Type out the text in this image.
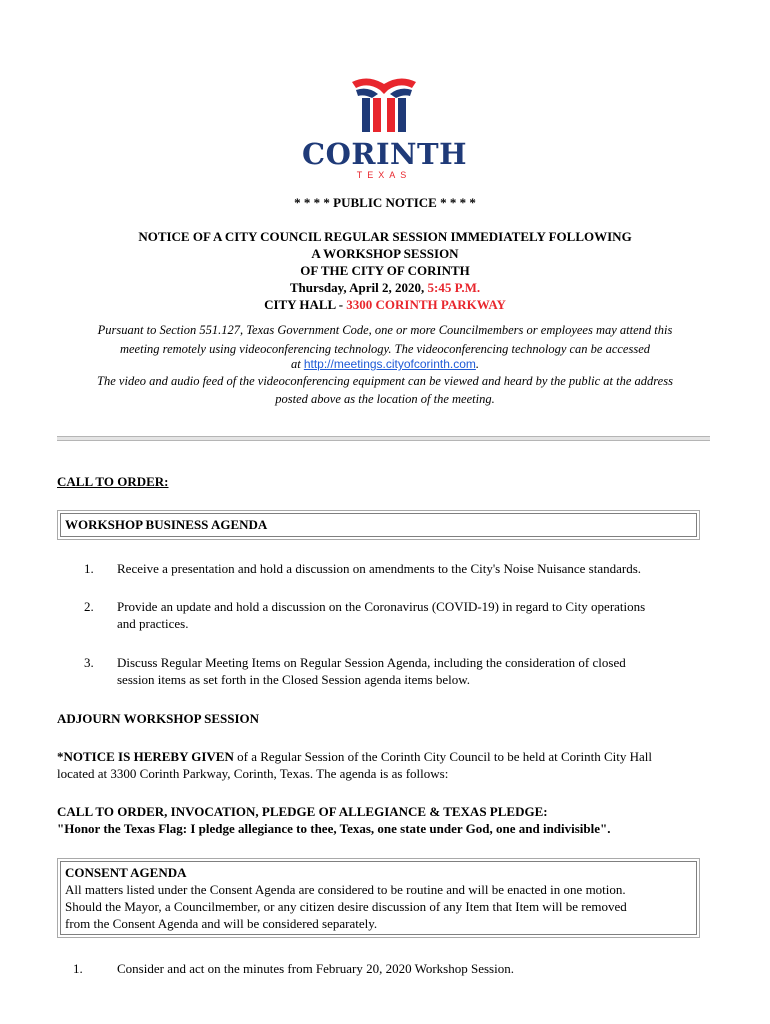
CORINTH
TEXAS
* * * * PUBLIC NOTICE * * * *
NOTICE OF A CITY COUNCIL REGULAR SESSION IMMEDIATELY FOLLOWING
A WORKSHOP SESSION
OF THE CITY OF CORINTH
Thursday, April 2, 2020, 5:45 P.M.
CITY HALL - 3300 CORINTH PARKWAY
Pursuant to Section 551.127, Texas Government Code, one or more Councilmembers or employees may attend this
meeting remotely using videoconferencing technology. The videoconferencing technology can be accessed
at http://meetings.cityofcorinth.com.
The video and audio feed of the videoconferencing equipment can be viewed and heard by the public at the address
posted above as the location of the meeting.
CALL TO ORDER:
WORKSHOP BUSINESS AGENDA
1. Receive a presentation and hold a discussion on amendments to the City's Noise Nuisance standards.
2. Provide an update and hold a discussion on the Coronavirus (COVID-19) in regard to City operations
and practices.
3. Discuss Regular Meeting Items on Regular Session Agenda, including the consideration of closed
session items as set forth in the Closed Session agenda items below.
ADJOURN WORKSHOP SESSION
*NOTICE IS HEREBY GIVEN of a Regular Session of the Corinth City Council to be held at Corinth City Hall
located at 3300 Corinth Parkway, Corinth, Texas. The agenda is as follows:
CALL TO ORDER, INVOCATION, PLEDGE OF ALLEGIANCE & TEXAS PLEDGE:
"Honor the Texas Flag: I pledge allegiance to thee, Texas, one state under God, one and indivisible".
CONSENT AGENDA
All matters listed under the Consent Agenda are considered to be routine and will be enacted in one motion.
Should the Mayor, a Councilmember, or any citizen desire discussion of any Item that Item will be removed
from the Consent Agenda and will be considered separately.
1.	Consider and act on the minutes from February 20, 2020 Workshop Session.
